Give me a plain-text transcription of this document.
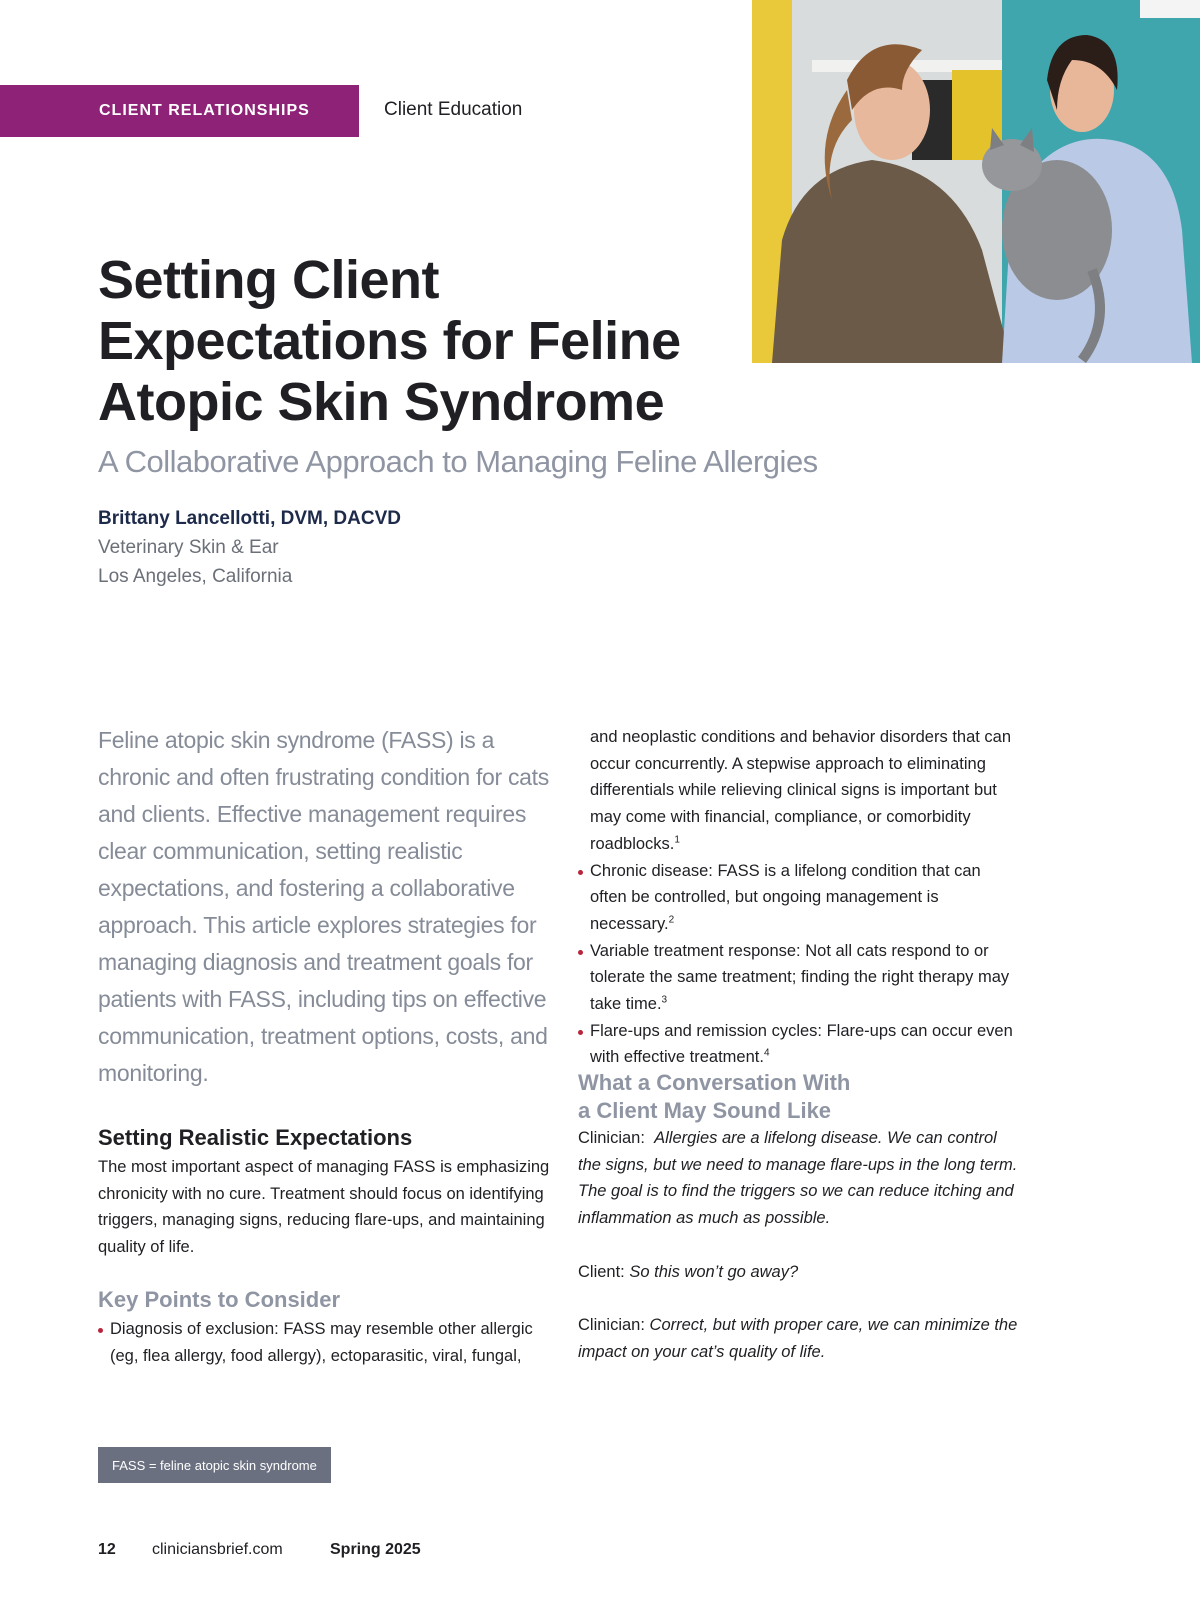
CLIENT RELATIONSHIPS	Client Education
Setting Client Expectations for Feline Atopic Skin Syndrome

A Collaborative Approach to Managing Feline Allergies

Brittany Lancellotti, DVM, DACVD
Veterinary Skin & Ear
Los Angeles, California

Feline atopic skin syndrome (FASS) is a chronic and often frustrating condition for cats and clients. Effective management requires clear communication, setting realistic expectations, and fostering a collaborative approach. This article explores strategies for managing diagnosis and treatment goals for patients with FASS, including tips on effective communication, treatment options, costs, and monitoring.

Setting Realistic Expectations

The most important aspect of managing FASS is emphasizing chronicity with no cure. Treatment should focus on identifying triggers, managing signs, reducing flare-ups, and maintaining quality of life.

Key Points to Consider
Diagnosis of exclusion: FASS may resemble other allergic (eg, flea allergy, food allergy), ectoparasitic, viral, fungal,

and neoplastic conditions and behavior disorders that can occur concurrently. A stepwise approach to eliminating differentials while relieving clinical signs is important but may come with financial, compliance, or comorbidity roadblocks.$^1$

Chronic disease: FASS is a lifelong condition that can often be controlled, but ongoing management is necessary.$^2$
Variable treatment response: Not all cats respond to or tolerate the same treatment; finding the right therapy may take time.$^3$
Flare-ups and remission cycles: Flare-ups can occur even with effective treatment.$^4$
What a Conversation With
a Client May Sound Like

Clinician: Allergies are a lifelong disease. We can control the signs, but we need to manage flare-ups in the long term. The goal is to find the triggers so we can reduce itching and inflammation as much as possible.

Client: So this won’t go away?

Clinician: Correct, but with proper care, we can minimize the impact on your cat’s quality of life.

FASS = feline atopic skin syndrome
12 cliniciansbrief.com	Spring 2025
